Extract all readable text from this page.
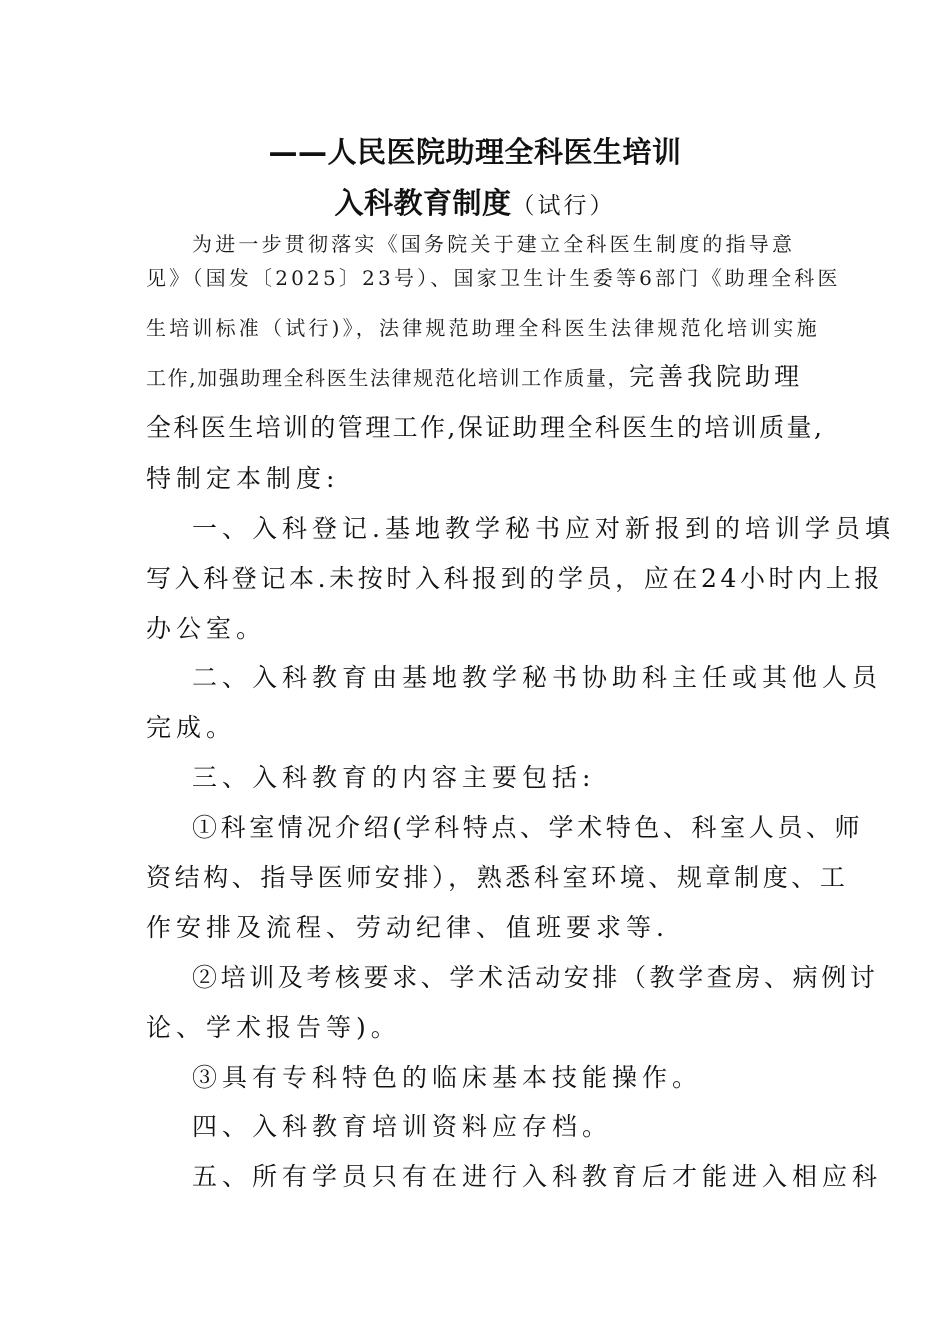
——人民医院助理全科医生培训
入科教育制度（试行）
为进一步贯彻落实《国务院关于建立全科医生制度的指导意
见》（国发〔2025〕23号）、国家卫生计生委等6部门《助理全科医
生培训标准（试行)》，法律规范助理全科医生法律规范化培训实施
工作,加强助理全科医生法律规范化培训工作质量，完善我院助理
全科医生培训的管理工作,保证助理全科医生的培训质量,
特制定本制度:
一、入科登记.基地教学秘书应对新报到的培训学员填
写入科登记本.未按时入科报到的学员，应在24小时内上报
办公室。
二、入科教育由基地教学秘书协助科主任或其他人员
完成。
三、入科教育的内容主要包括:
①科室情况介绍(学科特点、学术特色、科室人员、师
资结构、指导医师安排），熟悉科室环境、规章制度、工
作安排及流程、劳动纪律、值班要求等.
②培训及考核要求、学术活动安排（教学查房、病例讨
论、学术报告等)。
③具有专科特色的临床基本技能操作。
四、入科教育培训资料应存档。
五、所有学员只有在进行入科教育后才能进入相应科
